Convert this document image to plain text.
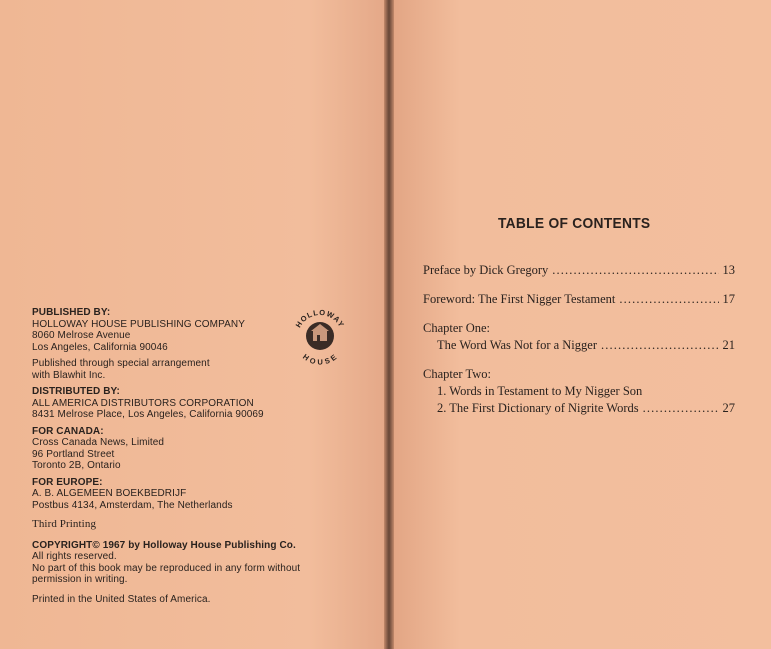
PUBLISHED BY:
HOLLOWAY HOUSE PUBLISHING COMPANY
8060 Melrose Avenue
Los Angeles, California 90046
Published through special arrangement
with Blawhit Inc.
DISTRIBUTED BY:
ALL AMERICA DISTRIBUTORS CORPORATION
8431 Melrose Place, Los Angeles, California 90069
FOR CANADA:
Cross Canada News, Limited
96 Portland Street
Toronto 2B, Ontario
FOR EUROPE:
A. B. ALGEMEEN BOEKBEDRIJF
Postbus 4134, Amsterdam, The Netherlands
Third Printing
COPYRIGHT© 1967 by Holloway House Publishing Co.
All rights reserved.
No part of this book may be reproduced in any form without
permission in writing.
Printed in the United States of America.
HOLLOWAY
HOUSE
TABLE OF CONTENTS
Preface by Dick Gregory . . .	13
Foreword: The First Nigger Testament . . .	17
Chapter One:
The Word Was Not for a Nigger . . .	21
Chapter Two:
1. Words in Testament to My Nigger Son
2. The First Dictionary of Nigrite Words . . .	27
